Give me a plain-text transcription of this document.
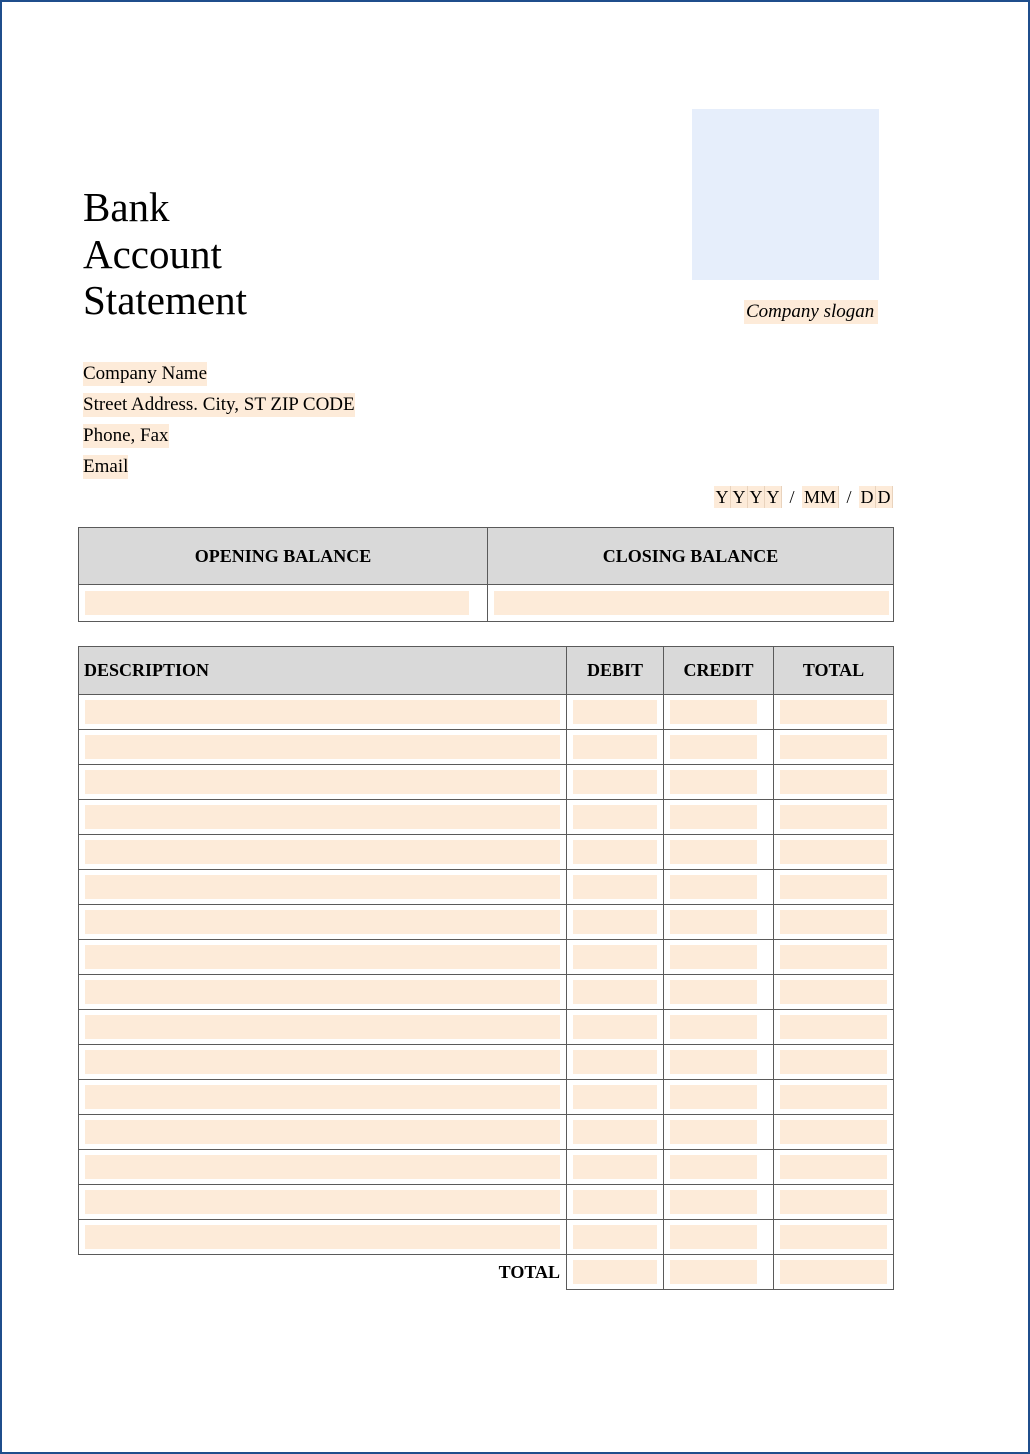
Bank
Account
Statement	Company slogan
Company Name
Street Address. City, ST ZIP CODE
Phone, Fax
Email
Y Y Y Y / MM / D D
OPENING BALANCE	CLOSING BALANCE

DESCRIPTION	DEBIT	CREDIT	TOTAL

TOTAL	
